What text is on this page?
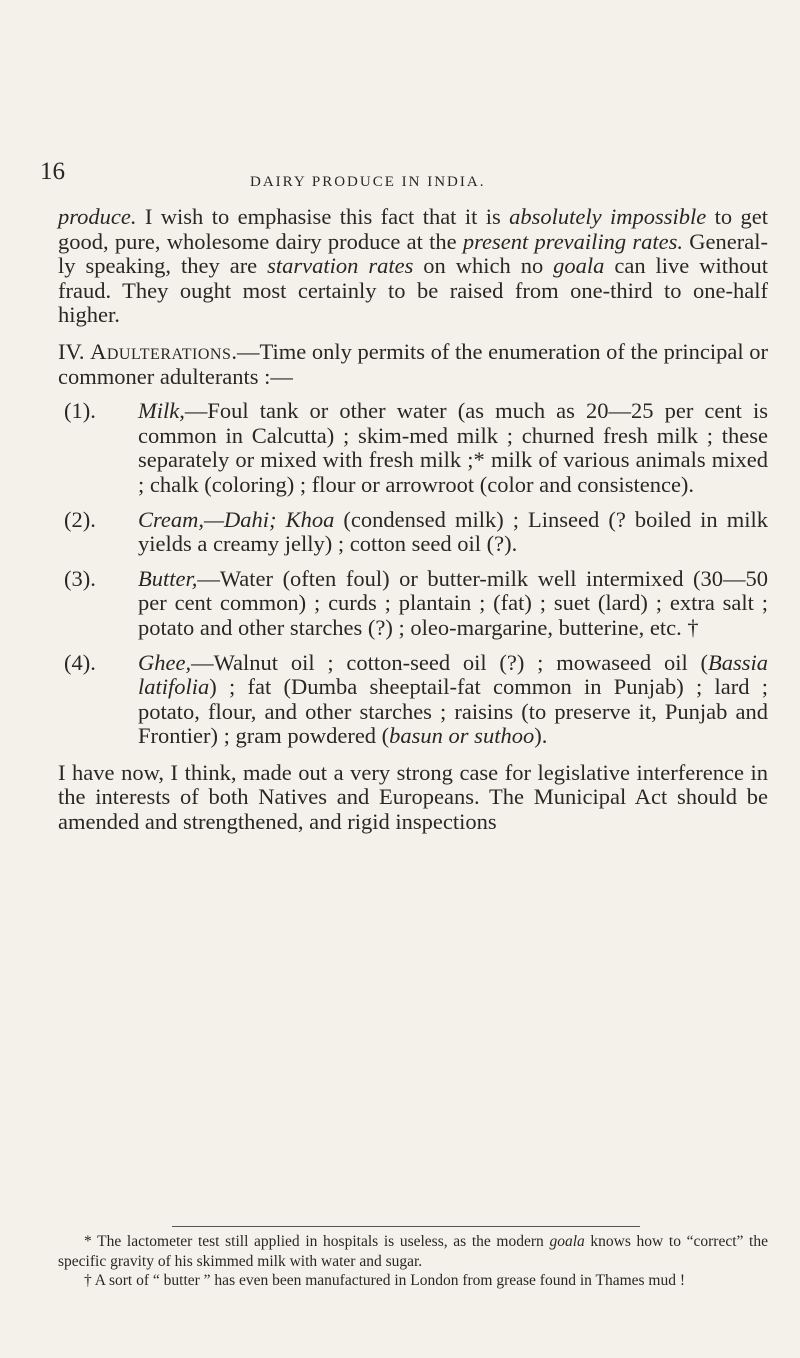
16	DAIRY PRODUCE IN INDIA.

produce. I wish to emphasise this fact that it is absolutely impossible to get good, pure, wholesome dairy produce at the present prevailing rates. General-ly speaking, they are starvation rates on which no goala can live without fraud. They ought most certainly to be raised from one-third to one-half higher.

IV. Adulterations.—Time only permits of the enumeration of the principal or commoner adulterants :—

(1). Milk,—Foul tank or other water (as much as 20—25 per cent is common in Calcutta) ; skim-med milk ; churned fresh milk ; these separately or mixed with fresh milk ;* milk of various animals mixed ; chalk (coloring) ; flour or arrowroot (color and consistence).

(2). Cream,—Dahi; Khoa (condensed milk) ; Linseed (? boiled in milk yields a creamy jelly) ; cotton seed oil (?).

(3). Butter,—Water (often foul) or butter-milk well intermixed (30—50 per cent common) ; curds ; plantain ; (fat) ; suet (lard) ; extra salt ; potato and other starches (?) ; oleo-margarine, butterine, etc. †

(4). Ghee,—Walnut oil ; cotton-seed oil (?) ; mowaseed oil (Bassia latifolia) ; fat (Dumba sheeptail-fat common in Punjab) ; lard ; potato, flour, and other starches ; raisins (to preserve it, Punjab and Frontier) ; gram powdered (basun or suthoo).

I have now, I think, made out a very strong case for legislative interference in the interests of both Natives and Europeans. The Municipal Act should be amended and strengthened, and rigid inspections

* The lactometer test still applied in hospitals is useless, as the modern goala knows how to “correct” the specific gravity of his skimmed milk with water and sugar.

† A sort of “ butter ” has even been manufactured in London from grease found in Thames mud !
